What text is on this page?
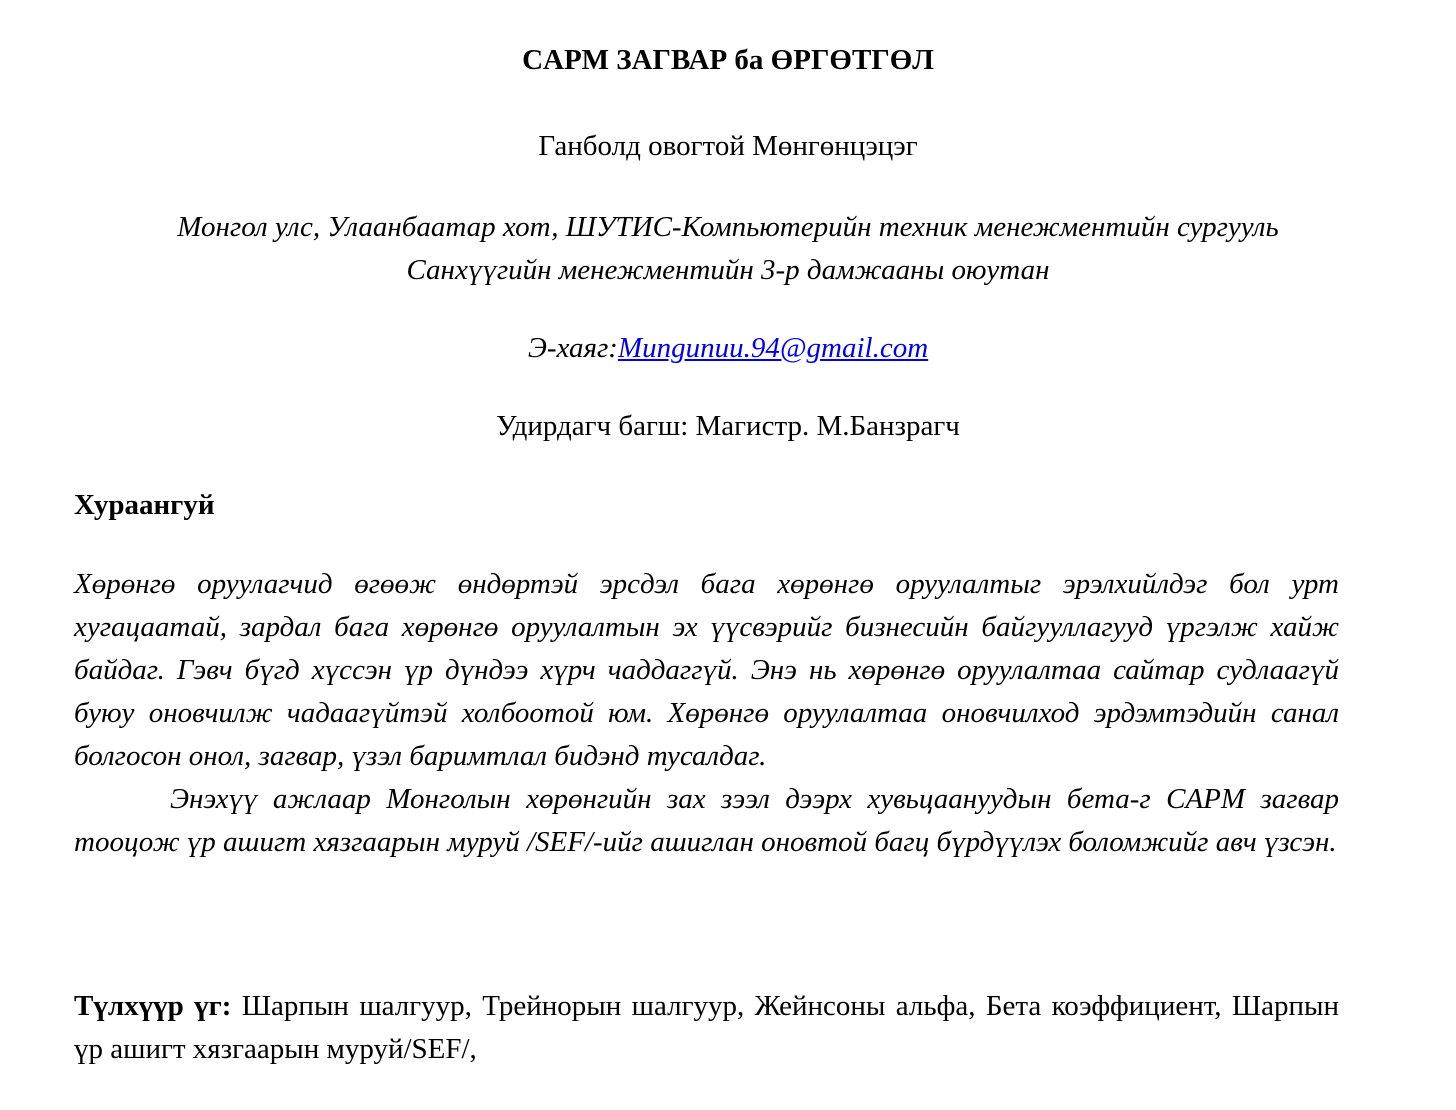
CAPM ЗАГВАР ба ӨРГӨТГӨЛ
Ганболд овогтой Мөнгөнцэцэг
Монгол улс, Улаанбаатар хот, ШУТИС-Компьютерийн техник менежментийн сургууль
Санхүүгийн менежментийн 3-р дамжааны оюутан
Э-хаяг:Mungunuu.94@gmail.com
Удирдагч багш: Магистр. М.Банзрагч
Хураангуй

Хөрөнгө оруулагчид өгөөж өндөртэй эрсдэл бага хөрөнгө оруулалтыг эрэлхийлдэг бол урт хугацаатай, зардал бага хөрөнгө оруулалтын эх үүсвэрийг бизнесийн байгууллагууд үргэлж хайж байдаг. Гэвч бүгд хүссэн үр дүндээ хүрч чаддаггүй. Энэ нь хөрөнгө оруулалтаа сайтар судлаагүй буюу оновчилж чадаагүйтэй холбоотой юм. Хөрөнгө оруулалтаа оновчилход эрдэмтэдийн санал болгосон онол, загвар, үзэл баримтлал бидэнд тусалдаг.

Энэхүү ажлаар Монголын хөрөнгийн зах зээл дээрх хувьцаануудын бета-г CAPM загвар тооцож үр ашигт хязгаарын муруй /SEF/-ийг ашиглан оновтой багц бүрдүүлэх боломжийг авч үзсэн.

Түлхүүр үг: Шарпын шалгуур, Трейнорын шалгуур, Жейнсоны альфа, Бета коэффициент, Шарпын үр ашигт хязгаарын муруй/SEF/,
